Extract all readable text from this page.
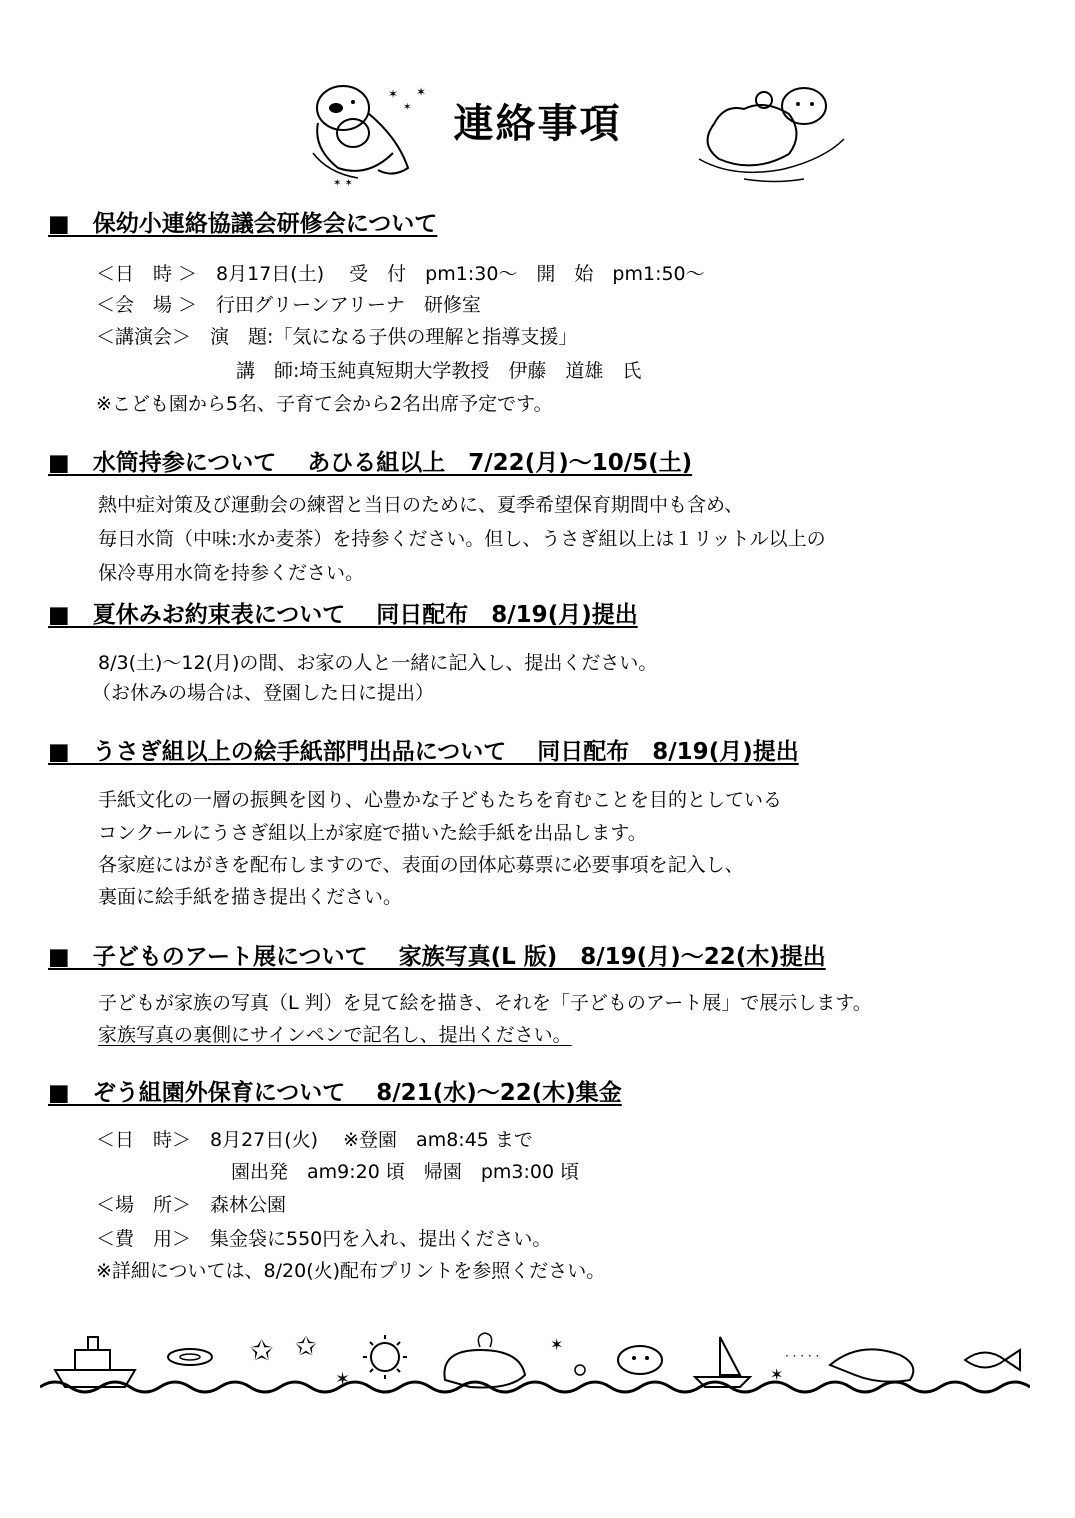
✶
✶
✶
✶ ✶
連絡事項
■　保幼小連絡協議会研修会について
＜日　時 ＞　8月17日(土)　 受　付　pm1:30～　開　始　pm1:50～
＜会　場 ＞　行田グリーンアリーナ　研修室
＜講演会＞　演　題:「気になる子供の理解と指導支援」
講　師:埼玉純真短期大学教授　伊藤　道雄　氏
※こども園から5名、子育て会から2名出席予定です。
■　水筒持参について　 あひる組以上　7/22(月)～10/5(土)
熱中症対策及び運動会の練習と当日のために、夏季希望保育期間中も含め、
毎日水筒（中味:水か麦茶）を持参ください。但し、うさぎ組以上は１リットル以上の
保冷専用水筒を持参ください。
■　夏休みお約束表について　 同日配布　8/19(月)提出
8/3(土)～12(月)の間、お家の人と一緒に記入し、提出ください。
（お休みの場合は、登園した日に提出）
■　うさぎ組以上の絵手紙部門出品について　 同日配布　8/19(月)提出
手紙文化の一層の振興を図り、心豊かな子どもたちを育むことを目的としている
コンクールにうさぎ組以上が家庭で描いた絵手紙を出品します。
各家庭にはがきを配布しますので、表面の団体応募票に必要事項を記入し、
裏面に絵手紙を描き提出ください。
■　子どものアート展について　 家族写真(L 版)　8/19(月)～22(木)提出
子どもが家族の写真（L 判）を見て絵を描き、それを「子どものアート展」で展示します。
家族写真の裏側にサインペンで記名し、提出ください。
■　ぞう組園外保育について　 8/21(水)～22(木)集金
＜日　時＞　8月27日(火)　 ※登園　am8:45 まで
園出発　am9:20 頃　帰園　pm3:00 頃
＜場　所＞　森林公園
＜費　用＞　集金袋に550円を入れ、提出ください。
※詳細については、8/20(火)配布プリントを参照ください。
✩ ✩
✶
✶
✶
· · · · ·
